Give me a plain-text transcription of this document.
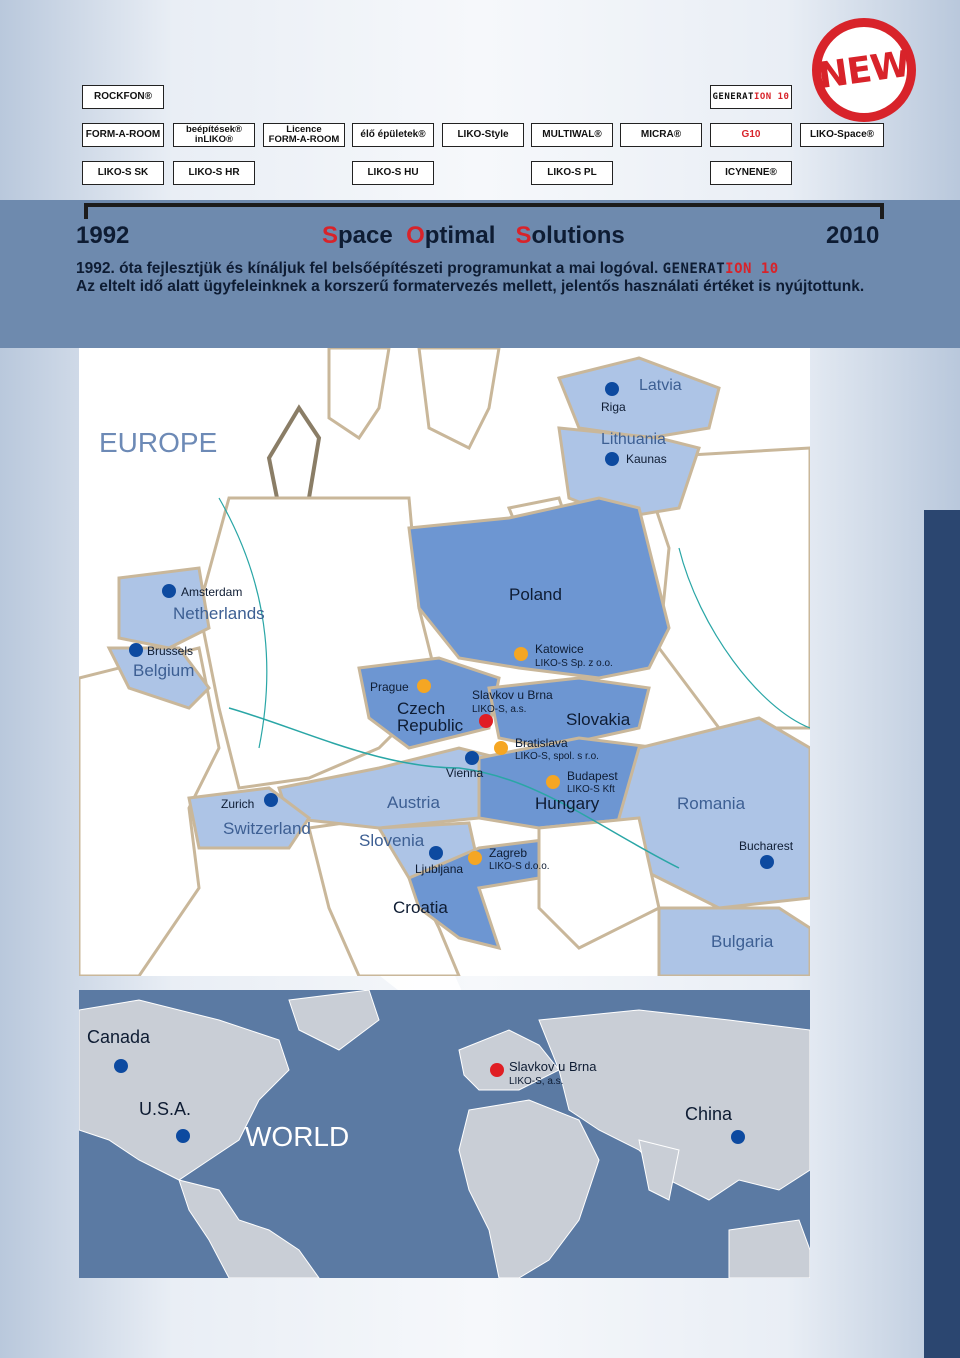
ROCKFON®	GENERATION 10
FORM-A-ROOM	beépítések®
inLIKO®
Licence
FORM-A-ROOM élő épületek®	LIKO-Style	MULTIWAL®	MICRA®	G10	LIKO-Space®
LIKO-S SK	LIKO-S HR	LIKO-S HU	LIKO-S PL	ICYNENE®
NEW
1992	2010
Space Optimal Solutions
1992. óta fejlesztjük és kínáljuk fel belsőépítészeti programunkat a mai logóval. GENERATION 10
Az eltelt idő alatt ügyfeleinknek a korszerű formatervezés mellett, jelentős használati értéket is nyújtottunk.
EUROPE
Latvia
Lithuania
Poland
Netherlands
Belgium
Czech
Republic	Slovakia
Austria	Hungary	Romania
Switzerland
Slovenia
Croatia
Bulgaria
Riga
Kaunas
Amsterdam
Brussels	Katowice
Prague
Slavkov u Brna
Bratislava
Vienna	Budapest
Zurich
Zagreb
Ljubljana
Bucharest
LIKO-S Sp. z o.o.
LIKO-S, a.s.
LIKO-S, spol. s r.o.
LIKO-S Kft
LIKO-S d.o.o.
Canada
U.S.A.	China
WORLD
Slavkov u Brna
LIKO-S, a.s.
